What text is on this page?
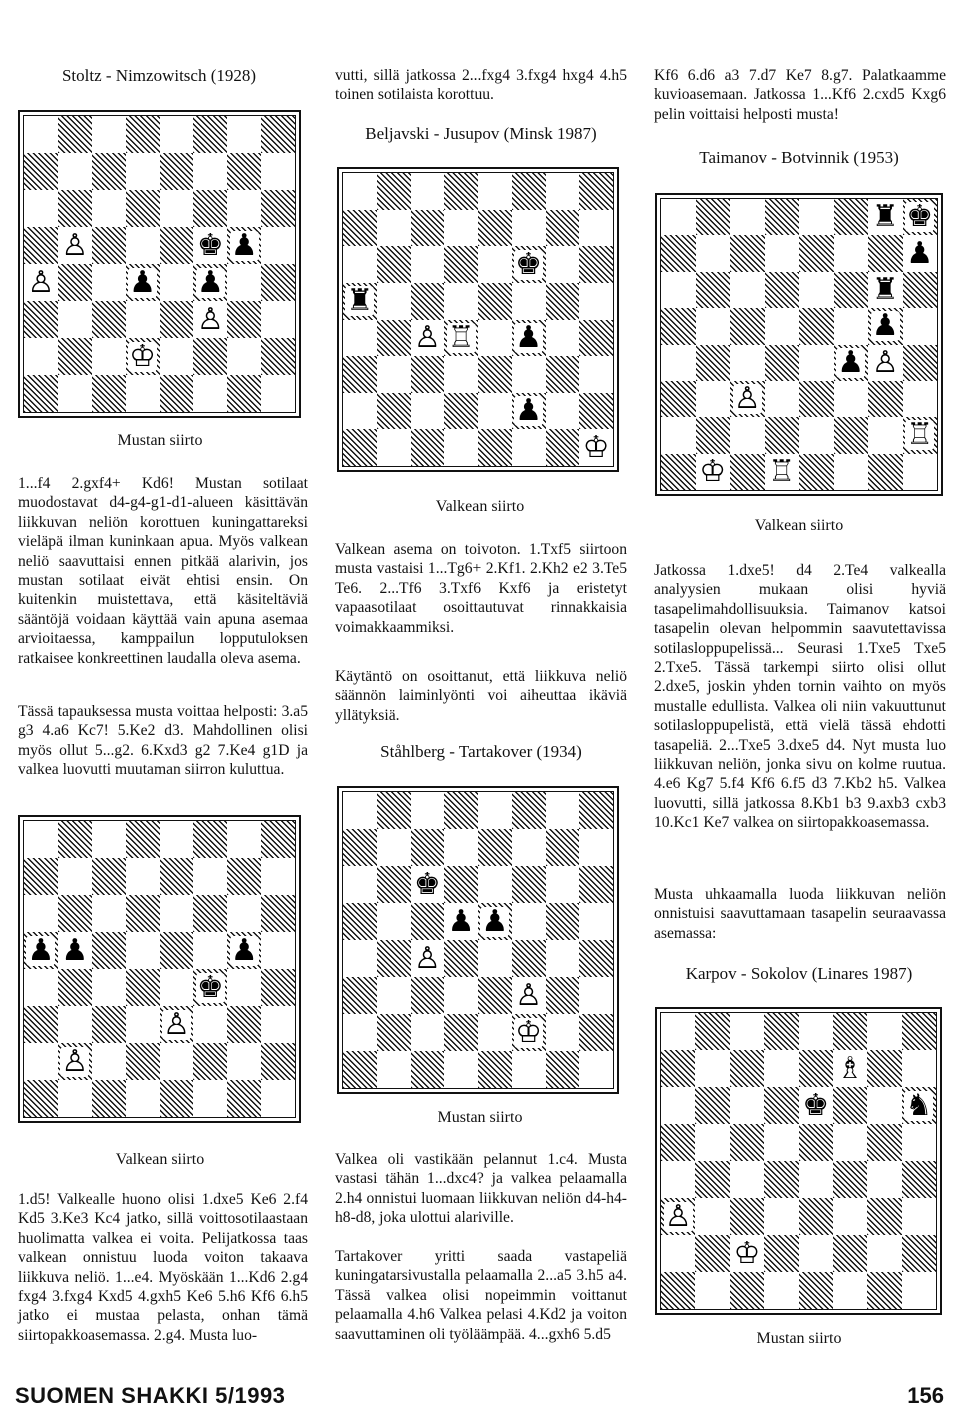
Stoltz - Nimzowitsch (1928)
♙	♚ ♟
♙ ♟ ♟
♙
♔
Mustan siirto
1...f4 2.gxf4+ Kd6! Mustan sotilaat muodostavat d4-g4-g1-d1-alueen käsittävän liikkuvan neliön korottuen kuningattareksi vieläpä ilman kuninkaan apua. Myös valkean neliö saavuttaisi ennen pitkää alarivin, jos mustan sotilaat eivät ehtisi ensin. On kuitenkin muistettava, että käsiteltäviä sääntöjä voidaan käyttää vain apuna asemaa arvioitaessa, kamppailun lopputuloksen ratkaisee konkreettinen laudalla oleva asema.
Tässä tapauksessa musta voittaa helposti: 3.a5 g3 4.a6 Kc7! 5.Ke2 d3. Mahdollinen olisi myös ollut 5...g2. 6.Kxd3 g2 7.Ke4 g1D ja valkea luovutti muutaman siirron kuluttua.
♟ ♟	♟
♚
♙
♙
Valkean siirto
1.d5! Valkealle huono olisi 1.dxe5 Ke6 2.f4 Kd5 3.Ke3 Kc4 jatko, sillä voittosotilaastaan huolimatta valkea ei voita. Pelijatkossa taas valkean onnistuu luoda voiton takaava liikkuva neliö. 1...e4. Myöskään 1...Kd6 2.g4 fxg4 3.fxg4 Kxd5 4.gxh5 Ke6 5.h6 Kf6 6.h5 jatko ei mustaa pelasta, onhan tämä siirtopakkoasemassa. 2.g4. Musta luo-
vutti, sillä jatkossa 2...fxg4 3.fxg4 hxg4 4.h5 toinen sotilaista korottuu.
Beljavski - Jusupov (Minsk 1987)
♚
♜
♙ ♖ ♟
♟
♔
Valkean siirto
Valkean asema on toivoton. 1.Txf5 siirtoon musta vastaisi 1...Tg6+ 2.Kf1. 2.Kh2 e2 3.Te5 Te6. 2...Tf6 3.Txf6 Kxf6 ja eristetyt vapaasotilaat osoittautuvat rinnakkaisia voimakkaammiksi.
Käytäntö on osoittanut, että liikkuva neliö säännön laiminlyönti voi aiheuttaa ikäviä yllätyksiä.
Ståhlberg - Tartakover (1934)
♚
♟ ♟
♙
♙
♔
Mustan siirto
Valkea oli vastikään pelannut 1.c4. Musta vastasi tähän 1...dxc4? ja valkea pelaamalla 2.h4 onnistui luomaan liikkuvan neliön d4-h4-h8-d8, joka ulottui alariville.
Tartakover yritti saada vastapeliä kuningatarsivustalla pelaamalla 2...a5 3.h5 a4. Tässä valkea olisi nopeimmin voittanut pelaamalla 4.h6 Valkea pelasi 4.Kd2 ja voiton saavuttaminen oli työläämpää. 4...gxh6 5.d5
Kf6 6.d6 a3 7.d7 Ke7 8.g7. Palatkaamme kuvioasemaan. Jatkossa 1...Kf6 2.cxd5 Kxg6 pelin voittaisi helposti musta!
Taimanov - Botvinnik (1953)
♜ ♚
♟
♜
♟
♟ ♙
♙
♖
♔ ♖
Valkean siirto
Jatkossa 1.dxe5! d4 2.Te4 valkealla analyysien mukaan olisi hyviä tasapelimahdollisuuksia. Taimanov katsoi tasapelin olevan helpommin saavutettavissa sotilasloppupelissä... Seurasi 1.Txe5 Txe5 2.Txe5. Tässä tarkempi siirto olisi ollut 2.dxe5, joskin yhden tornin vaihto on myös mustalle edullista. Valkea oli niin vakuuttunut sotilasloppupelistä, että vielä tässä ehdotti tasapeliä. 2...Txe5 3.dxe5 d4. Nyt musta luo liikkuvan neliön, jonka sivu on kolme ruutua. 4.e6 Kg7 5.f4 Kf6 6.f5 d3 7.Kb2 h5. Valkea luovutti, sillä jatkossa 8.Kb1 b3 9.axb3 cxb3 10.Kc1 Ke7 valkea on siirtopakkoasemassa.
Musta uhkaamalla luoda liikkuvan neliön onnistuisi saavuttamaan tasapelin seuraavassa asemassa:
Karpov - Sokolov (Linares 1987)
♗
♚	♞
♙
♔
Mustan siirto
SUOMEN SHAKKI 5/1993	156
